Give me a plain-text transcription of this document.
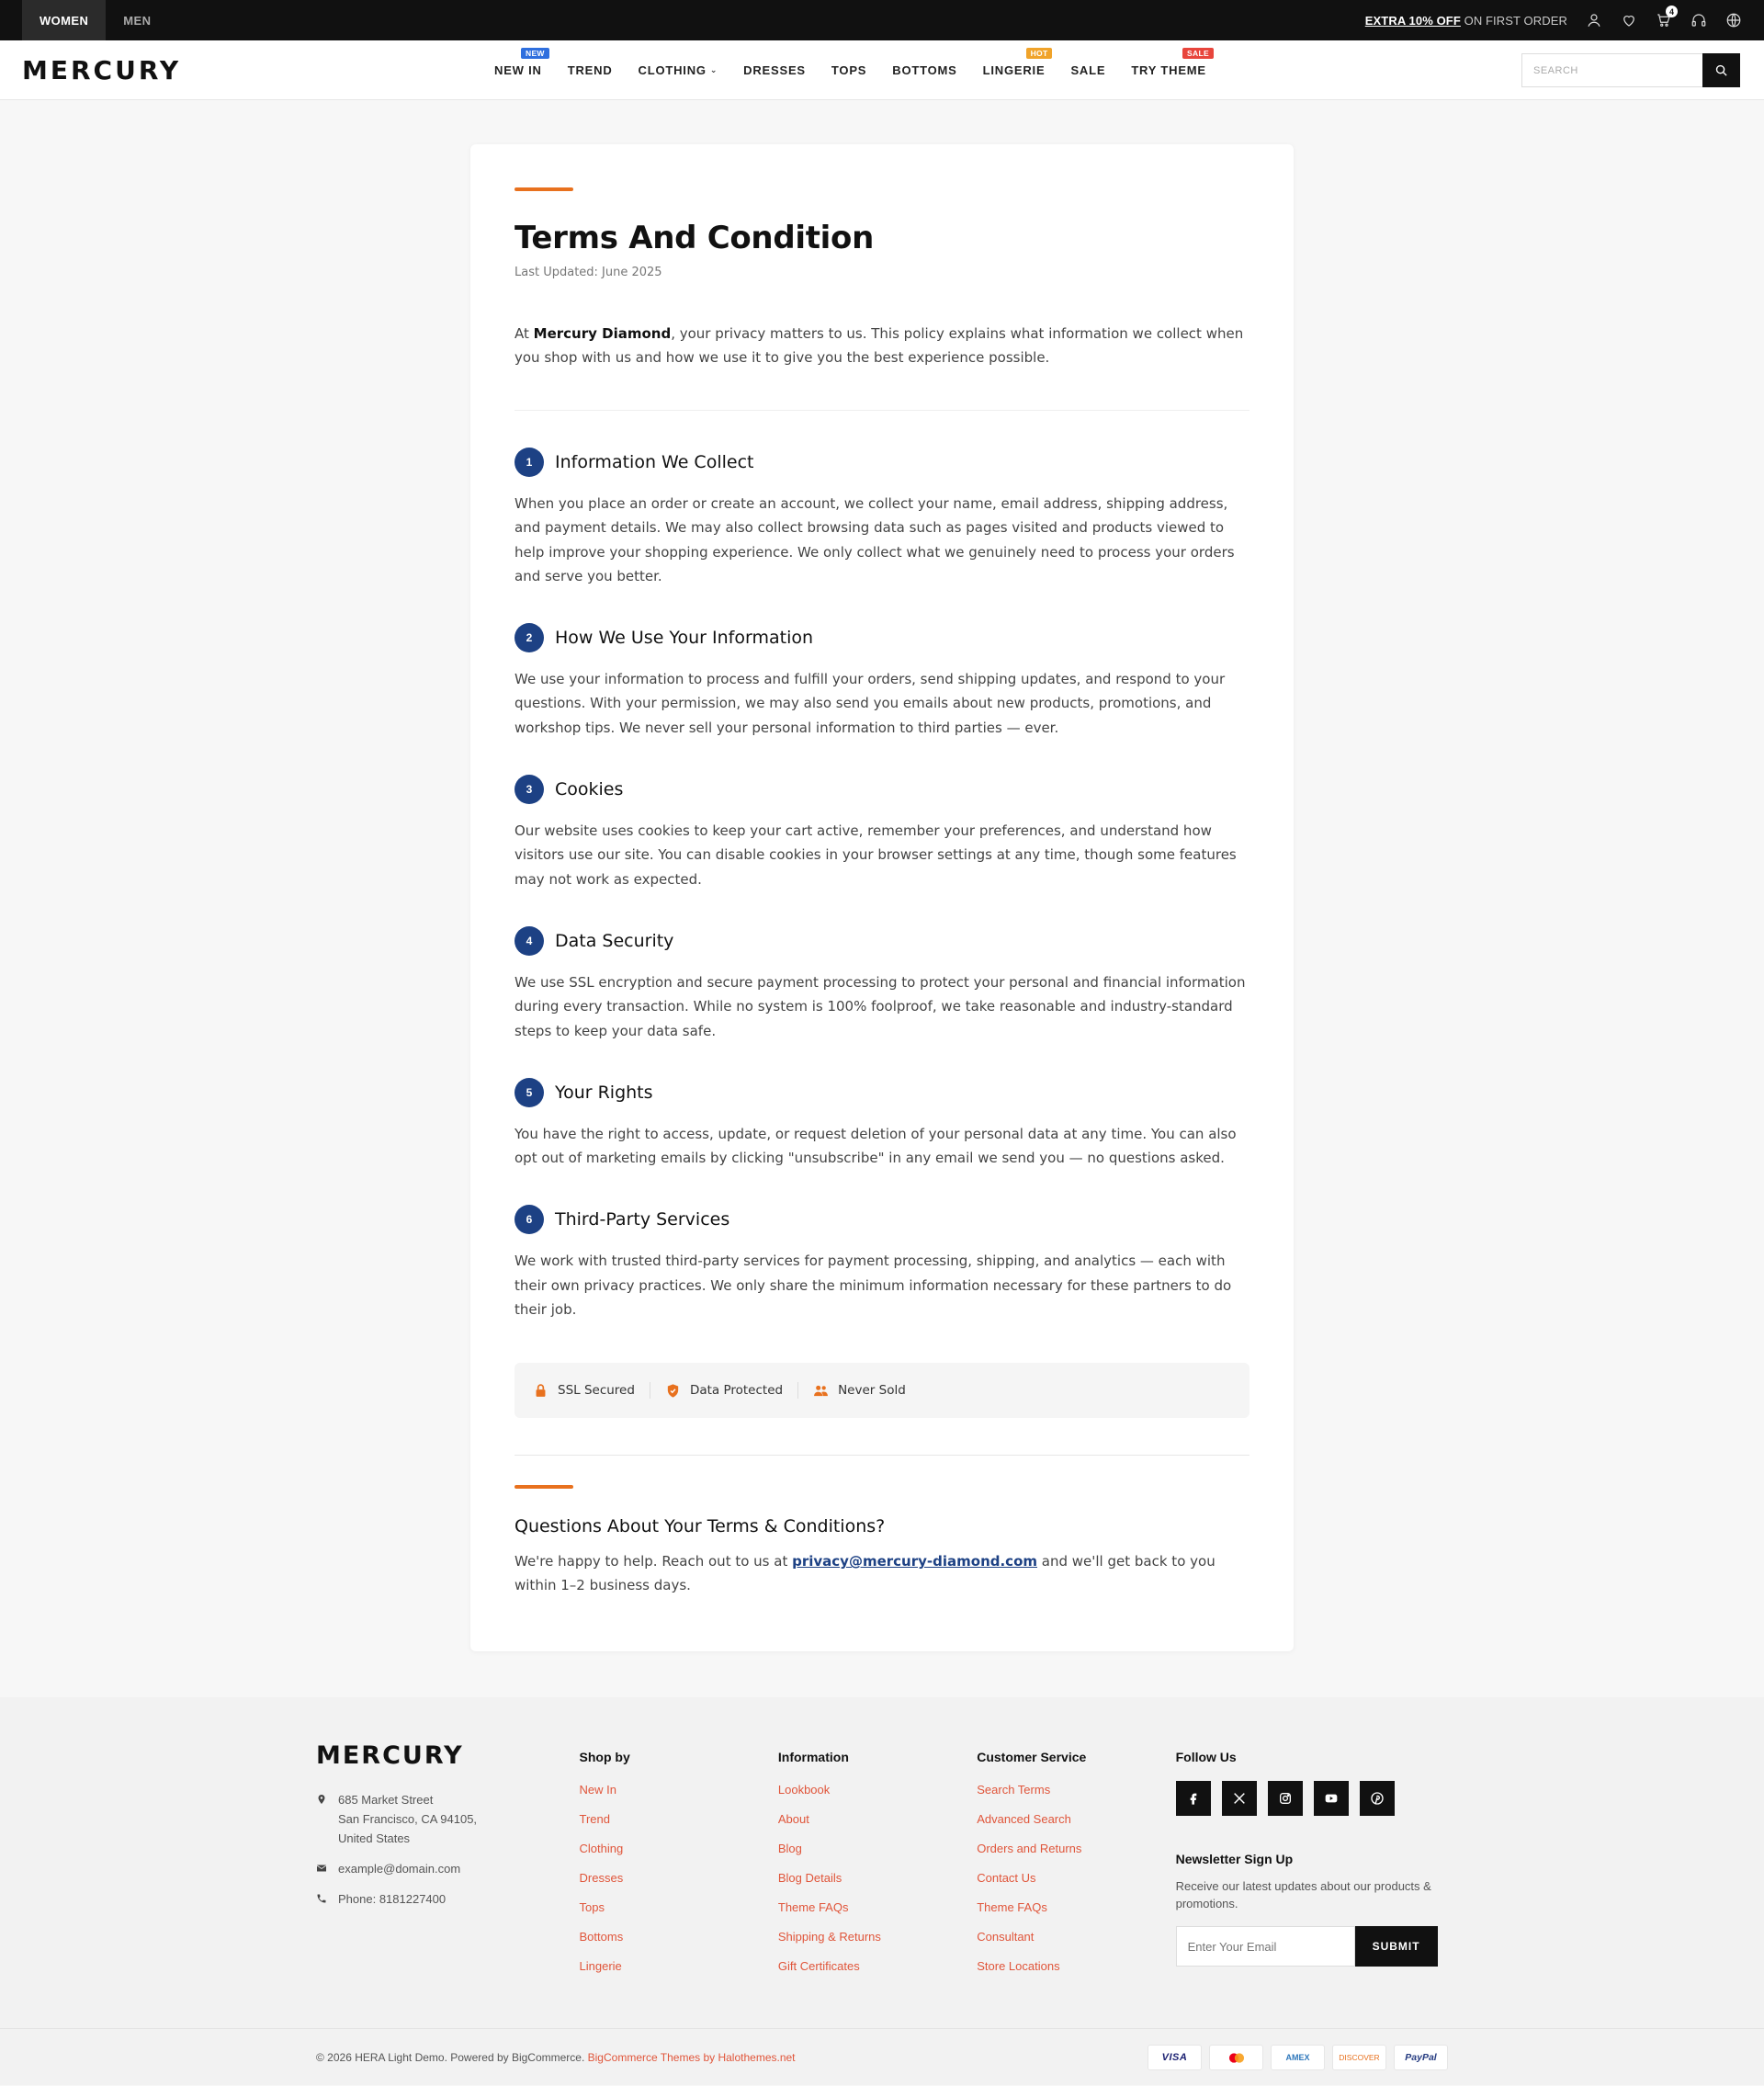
WOMEN	MEN	EXTRA 10% OFF ON FIRST ORDER
4
MERCURY	NEW IN
NEW
TREND CLOTHING ⌄ DRESSES TOPS BOTTOMS LINGERIE
HOT
SALE TRY THEME
SALE
SEARCH
Terms And Condition
Last Updated: June 2025

At Mercury Diamond, your privacy matters to us. This policy explains what information we collect when you shop with us and how we use it to give you the best experience possible.

1	Information We Collect

When you place an order or create an account, we collect your name, email address, shipping address, and payment details. We may also collect browsing data such as pages visited and products viewed to help improve your shopping experience. We only collect what we genuinely need to process your orders and serve you better.

2	How We Use Your Information

We use your information to process and fulfill your orders, send shipping updates, and respond to your questions. With your permission, we may also send you emails about new products, promotions, and workshop tips. We never sell your personal information to third parties — ever.

3	Cookies

Our website uses cookies to keep your cart active, remember your preferences, and understand how visitors use our site. You can disable cookies in your browser settings at any time, though some features may not work as expected.

4	Data Security

We use SSL encryption and secure payment processing to protect your personal and financial information during every transaction. While no system is 100% foolproof, we take reasonable and industry-standard steps to keep your data safe.

5	Your Rights

You have the right to access, update, or request deletion of your personal data at any time. You can also opt out of marketing emails by clicking "unsubscribe" in any email we send you — no questions asked.

6	Third-Party Services

We work with trusted third-party services for payment processing, shipping, and analytics — each with their own privacy practices. We only share the minimum information necessary for these partners to do their job.

SSL Secured	Data Protected	Never Sold
Questions About Your Terms & Conditions?

We're happy to help. Reach out to us at privacy@mercury-diamond.com and we'll get back to you within 1–2 business days.

MERCURY
685 Market Street
San Francisco, CA 94105,
United States
example@domain.com
Phone: 8181227400
Shop by
New In
Trend
Clothing
Dresses
Tops
Bottoms
Lingerie
Information
Lookbook
About
Blog
Blog Details
Theme FAQs
Shipping & Returns
Gift Certificates
Customer Service
Search Terms
Advanced Search
Orders and Returns
Contact Us
Theme FAQs
Consultant
Store Locations
Follow Us
Newsletter Sign Up
Receive our latest updates about our products & promotions.
Enter Your Email
SUBMIT
© 2026 HERA Light Demo. Powered by BigCommerce. BigCommerce Themes by Halothemes.net	VISA	AMEX	DISCOVER	PayPal
